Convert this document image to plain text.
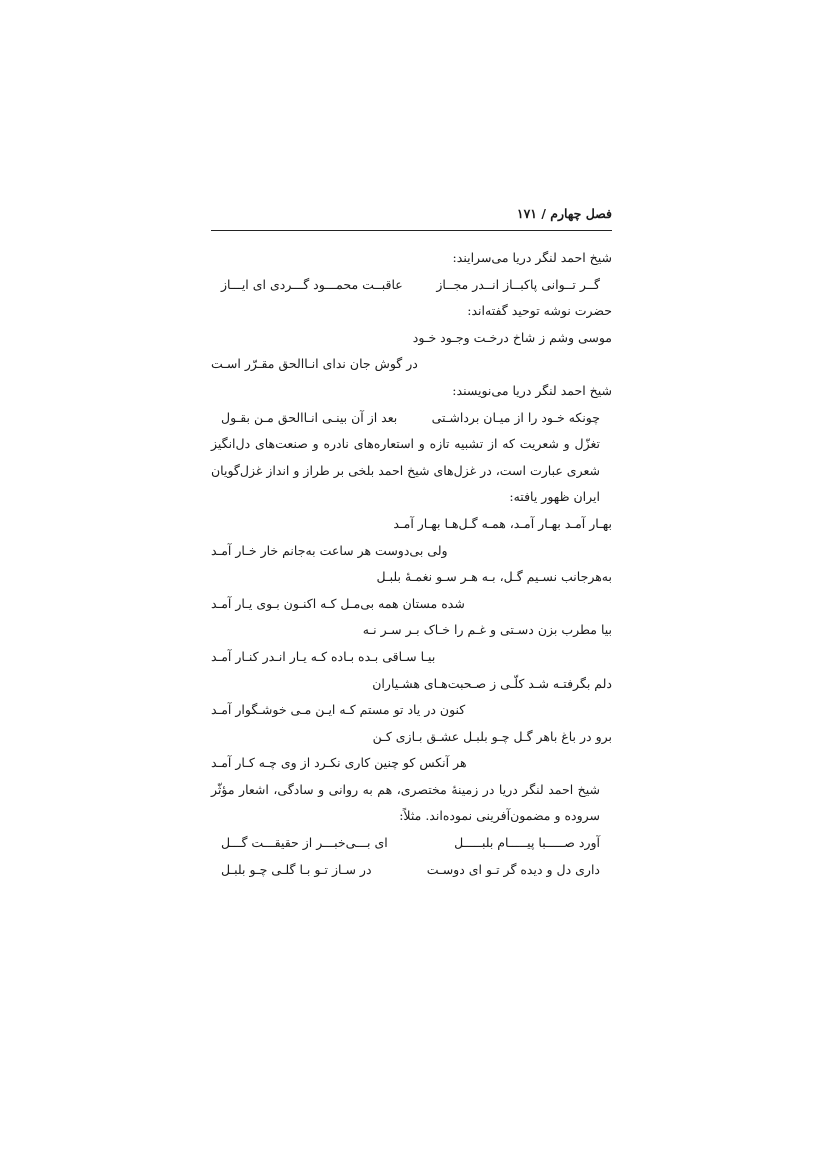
فصل چهارم / ۱۷۱
شیخ احمد لنگر دریا می‌سرایند:
گــر تــوانی پاکبــاز انــدر مجــاز
عاقبــت محمـــود گـــردی ای ایـــاز
حضرت نوشه توحید گفته‌اند:
موسی وشم ز شاخ درخـت وجـود خـود
در گوش جان ندای انـاالحق مقـرّر اسـت
شیخ احمد لنگر دریا می‌نویسند:
چونکه خـود را از میـان برداشـتی
بعد از آن بینـی انـاالحق مـن بقـول
تغزّل و شعریت که از تشبیه تازه و استعاره‌های نادره و صنعت‌های دل‌انگیز شعری عبارت است، در غزل‌های شیخ احمد بلخی بر طراز و انداز غزل‌گویان ایران ظهور یافته:
بهـار آمـد بهـار آمـد، همـه گـل‌هـا بهـار آمـد
ولی بی‌دوست هر ساعت به‌جانم خار خـار آمـد
به‌هرجانب نسـیم گـل، بـه هـر سـو نغمـهٔ بلبـل
شده مستان همه بی‌مـل کـه اکنـون بـوی یـار آمـد
بیا مطرب بزن دسـتی و غـم را خـاک بـر سـر نـه
بیـا سـاقی بـده بـاده کـه یـار انـدر کنـار آمـد
دلم بگرفتـه شـد کلّـی ز صـحبت‌هـای هشـیاران
کنون در یاد تو مستم کـه ایـن مـی خوشـگوار آمـد
برو در باغ باهر گـل چـو بلبـل عشـق بـازی کـن
هر آنکس کو چنین کاری نکـرد از وی چـه کـار آمـد
شیخ احمد لنگر دریا در زمینهٔ مختصری، هم به روانی و سادگی، اشعار مؤثّر سروده و مضمون‌آفرینی نموده‌اند. مثلاً:
آورد صـــــبا پیـــــام بلبـــــل
ای بـــی‌خبـــر از حقیقـــت گـــل
داری دل و دیده گر تـو ای دوسـت
در سـاز تـو بـا گلـی چـو بلبـل
